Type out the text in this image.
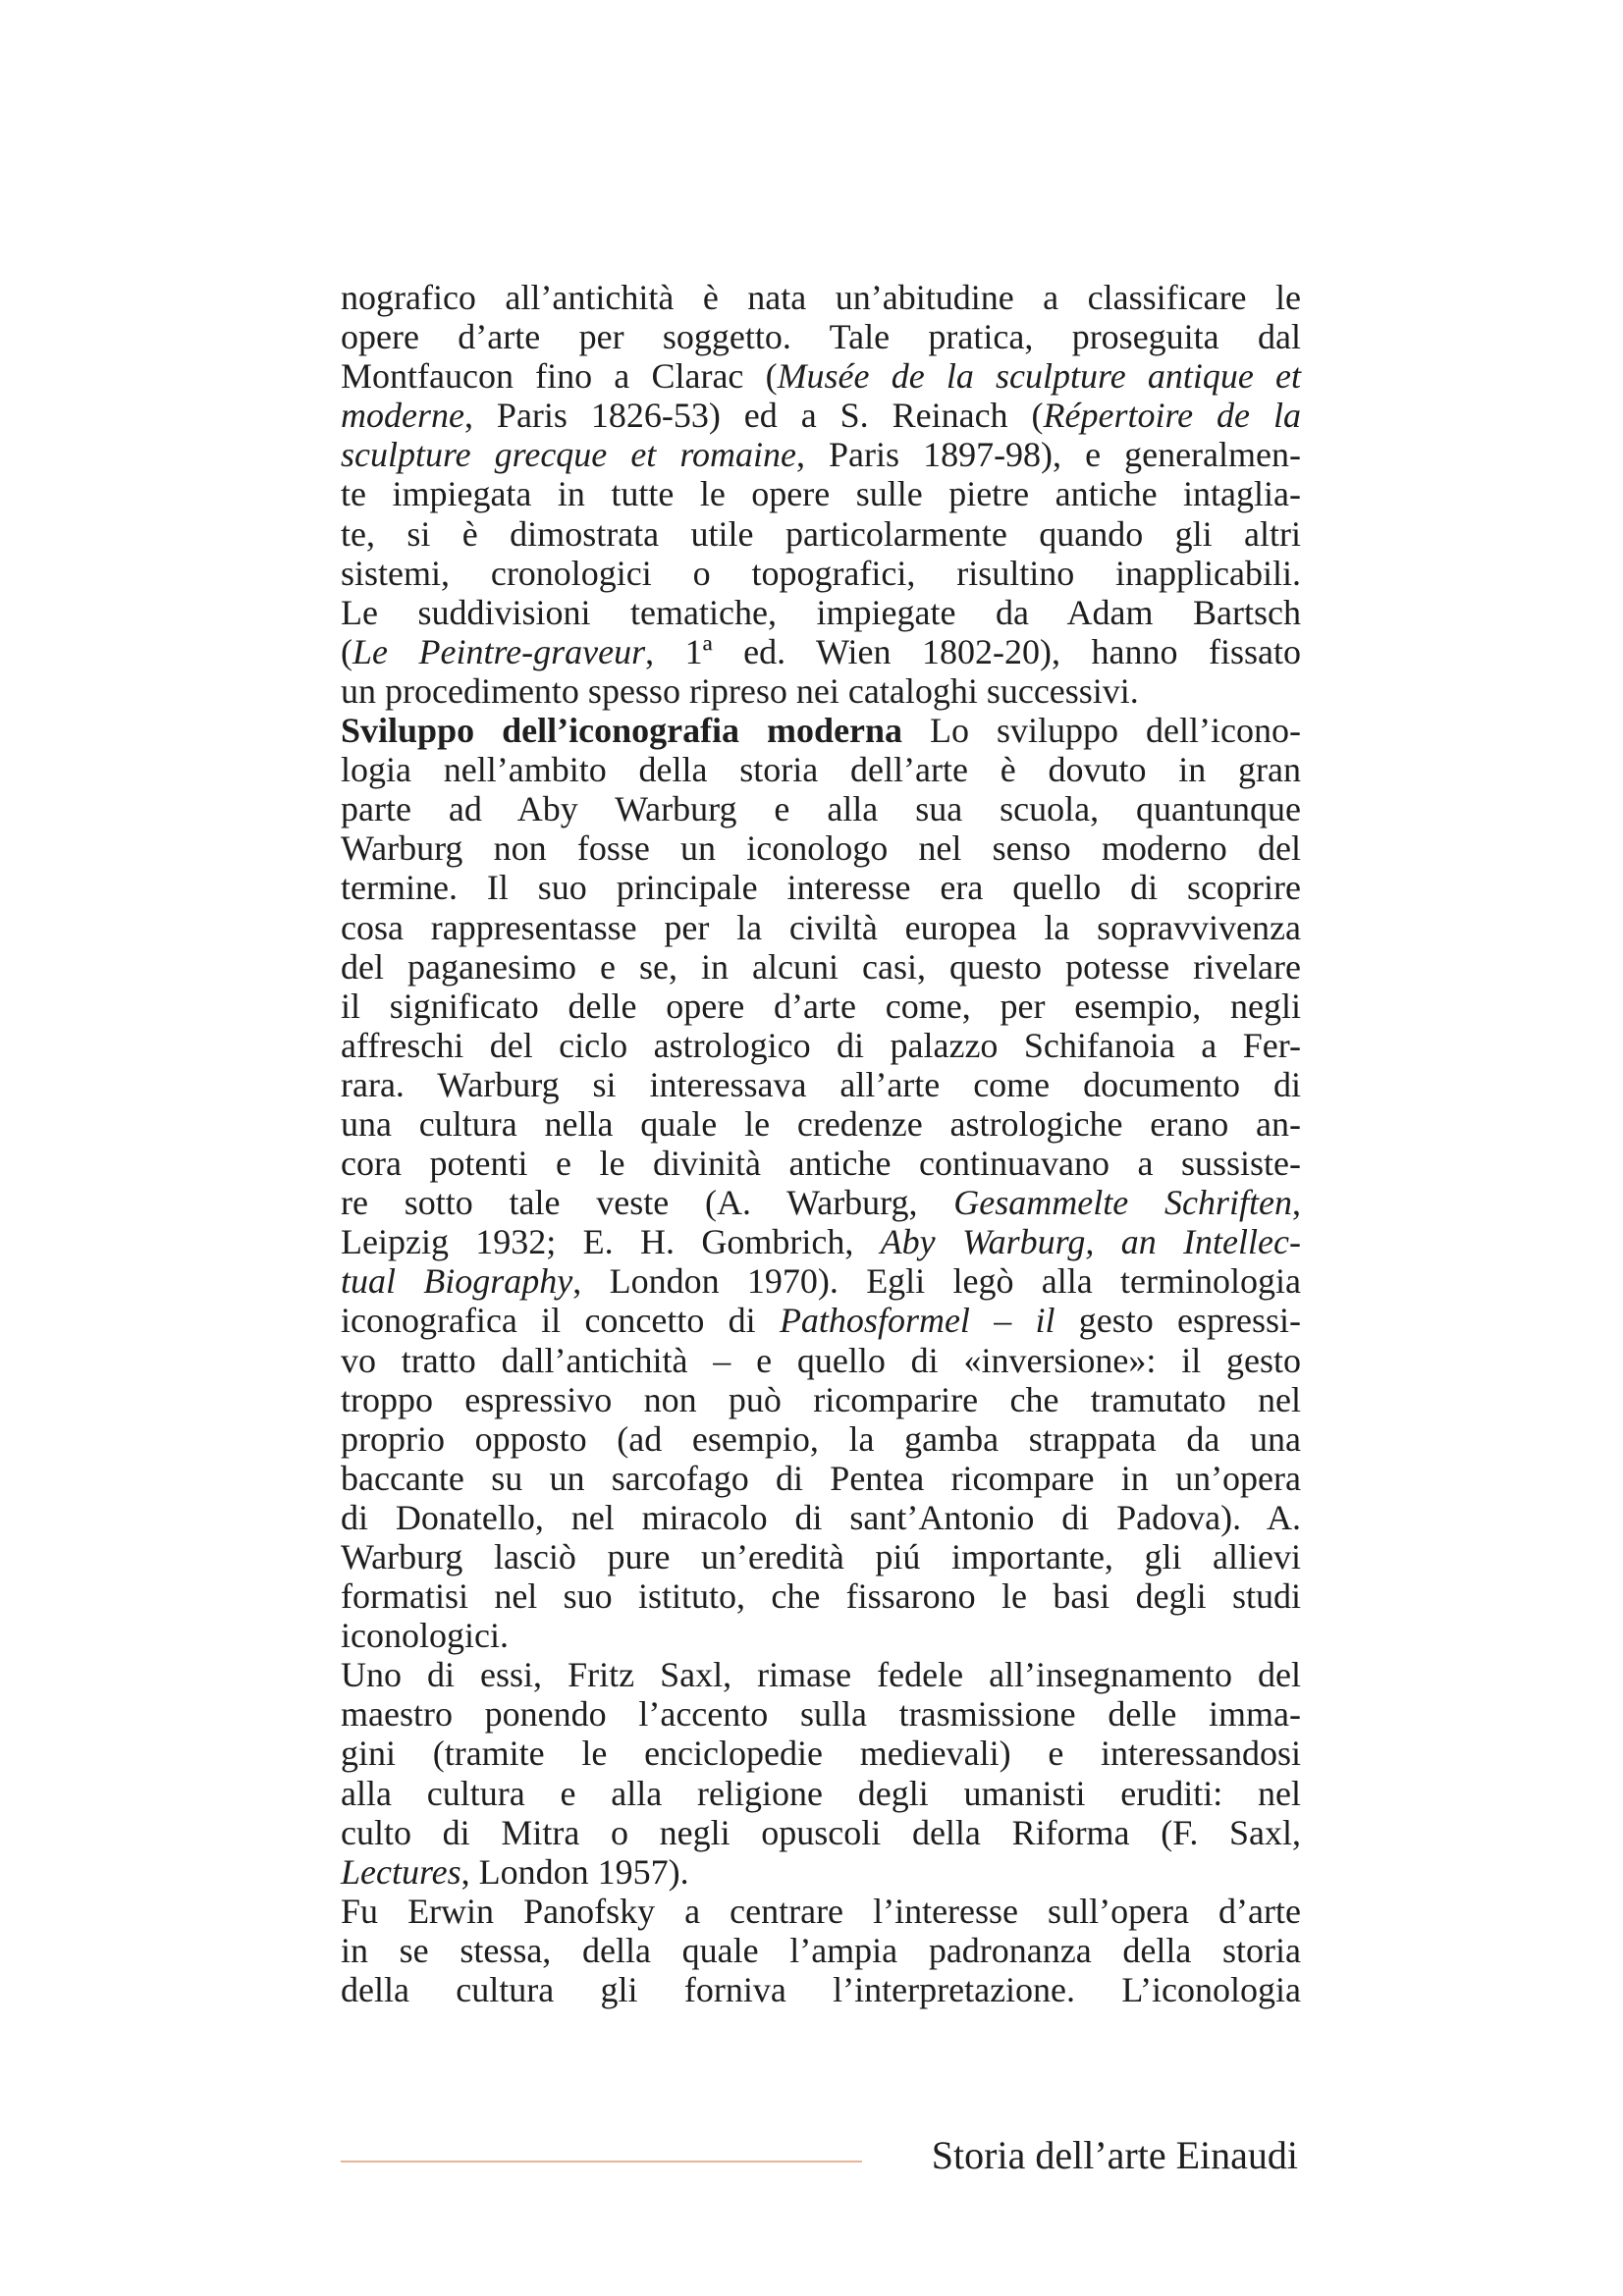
nografico all’antichità è nata un’abitudine a classificare le
opere d’arte per soggetto. Tale pratica, proseguita dal
Montfaucon fino a Clarac (Musée de la sculpture antique et
moderne, Paris 1826-53) ed a S. Reinach (Répertoire de la
sculpture grecque et romaine, Paris 1897-98), e generalmen-
te impiegata in tutte le opere sulle pietre antiche intaglia-
te, si è dimostrata utile particolarmente quando gli altri
sistemi, cronologici o topografici, risultino inapplicabili.
Le suddivisioni tematiche, impiegate da Adam Bartsch
(Le Peintre-graveur, 1ª ed. Wien 1802-20), hanno fissato
un procedimento spesso ripreso nei cataloghi successivi.
Sviluppo dell’iconografia moderna Lo sviluppo dell’icono-
logia nell’ambito della storia dell’arte è dovuto in gran
parte ad Aby Warburg e alla sua scuola, quantunque
Warburg non fosse un iconologo nel senso moderno del
termine. Il suo principale interesse era quello di scoprire
cosa rappresentasse per la civiltà europea la sopravvivenza
del paganesimo e se, in alcuni casi, questo potesse rivelare
il significato delle opere d’arte come, per esempio, negli
affreschi del ciclo astrologico di palazzo Schifanoia a Fer-
rara. Warburg si interessava all’arte come documento di
una cultura nella quale le credenze astrologiche erano an-
cora potenti e le divinità antiche continuavano a sussiste-
re sotto tale veste (A. Warburg, Gesammelte Schriften,
Leipzig 1932; E. H. Gombrich, Aby Warburg, an Intellec-
tual Biography, London 1970). Egli legò alla terminologia
iconografica il concetto di Pathosformel – il gesto espressi-
vo tratto dall’antichità – e quello di «inversione»: il gesto
troppo espressivo non può ricomparire che tramutato nel
proprio opposto (ad esempio, la gamba strappata da una
baccante su un sarcofago di Pentea ricompare in un’opera
di Donatello, nel miracolo di sant’Antonio di Padova). A.
Warburg lasciò pure un’eredità piú importante, gli allievi
formatisi nel suo istituto, che fissarono le basi degli studi
iconologici.
Uno di essi, Fritz Saxl, rimase fedele all’insegnamento del
maestro ponendo l’accento sulla trasmissione delle imma-
gini (tramite le enciclopedie medievali) e interessandosi
alla cultura e alla religione degli umanisti eruditi: nel
culto di Mitra o negli opuscoli della Riforma (F. Saxl,
Lectures, London 1957).
Fu Erwin Panofsky a centrare l’interesse sull’opera d’arte
in se stessa, della quale l’ampia padronanza della storia
della cultura gli forniva l’interpretazione. L’iconologia
Storia dell’arte Einaudi
